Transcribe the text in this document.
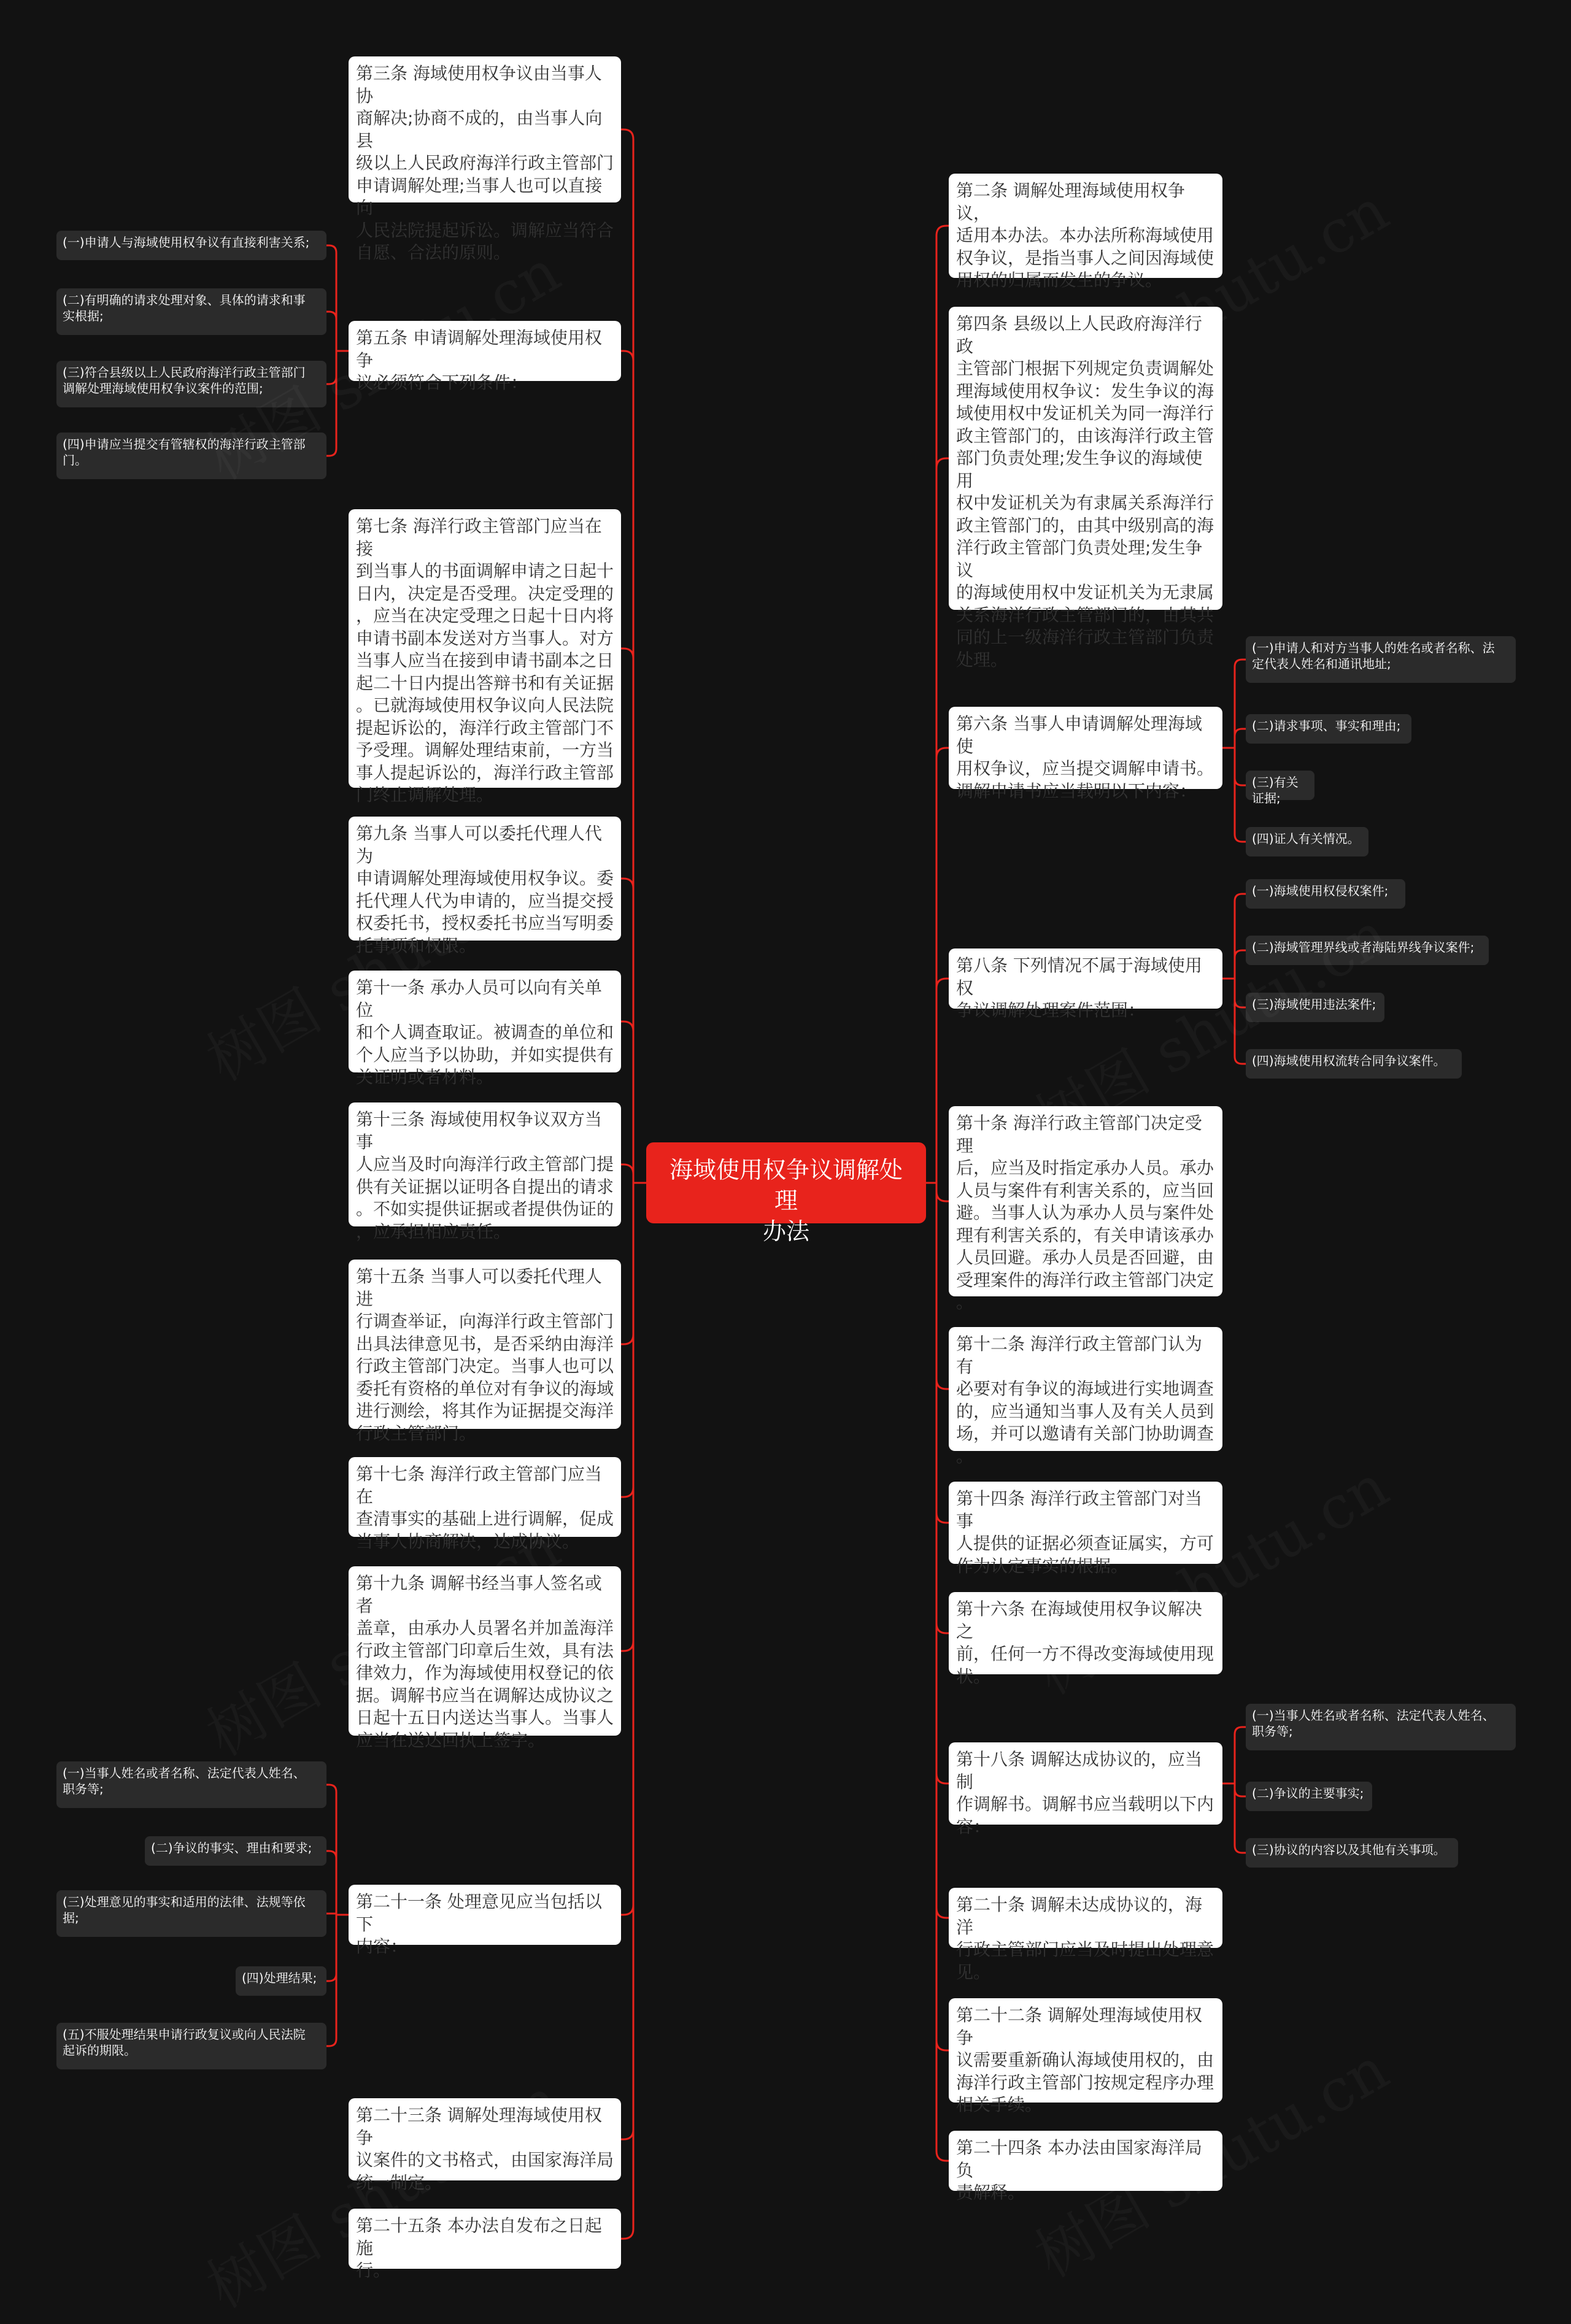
海域使用权争议调解处理
办法
第三条 海域使用权争议由当事人协
商解决;协商不成的，由当事人向县
级以上人民政府海洋行政主管部门
申请调解处理;当事人也可以直接向
人民法院提起诉讼。调解应当符合
自愿、合法的原则。
第五条 申请调解处理海域使用权争
议必须符合下列条件：
(一)申请人与海域使用权争议有直接利害关系;
(二)有明确的请求处理对象、具体的请求和事
实根据;
(三)符合县级以上人民政府海洋行政主管部门
调解处理海域使用权争议案件的范围;
(四)申请应当提交有管辖权的海洋行政主管部
门。
第七条 海洋行政主管部门应当在接
到当事人的书面调解申请之日起十
日内，决定是否受理。决定受理的
，应当在决定受理之日起十日内将
申请书副本发送对方当事人。对方
当事人应当在接到申请书副本之日
起二十日内提出答辩书和有关证据
。已就海域使用权争议向人民法院
提起诉讼的，海洋行政主管部门不
予受理。调解处理结束前，一方当
事人提起诉讼的，海洋行政主管部
门终止调解处理。
第九条 当事人可以委托代理人代为
申请调解处理海域使用权争议。委
托代理人代为申请的，应当提交授
权委托书，授权委托书应当写明委
托事项和权限。
第十一条 承办人员可以向有关单位
和个人调查取证。被调查的单位和
个人应当予以协助，并如实提供有
关证明或者材料。
第十三条 海域使用权争议双方当事
人应当及时向海洋行政主管部门提
供有关证据以证明各自提出的请求
。不如实提供证据或者提供伪证的
，应承担相应责任。
第十五条 当事人可以委托代理人进
行调查举证，向海洋行政主管部门
出具法律意见书，是否采纳由海洋
行政主管部门决定。当事人也可以
委托有资格的单位对有争议的海域
进行测绘，将其作为证据提交海洋
行政主管部门。
第十七条 海洋行政主管部门应当在
查清事实的基础上进行调解，促成
当事人协商解决，达成协议。
第十九条 调解书经当事人签名或者
盖章，由承办人员署名并加盖海洋
行政主管部门印章后生效，具有法
律效力，作为海域使用权登记的依
据。调解书应当在调解达成协议之
日起十五日内送达当事人。当事人
应当在送达回执上签字。
第二十一条 处理意见应当包括以下
内容：
(一)当事人姓名或者名称、法定代表人姓名、
职务等;
(二)争议的事实、理由和要求;
(三)处理意见的事实和适用的法律、法规等依
据;
(四)处理结果;
(五)不服处理结果申请行政复议或向人民法院
起诉的期限。
第二十三条 调解处理海域使用权争
议案件的文书格式，由国家海洋局
统一制定。
第二十五条 本办法自发布之日起施
行。
第二条 调解处理海域使用权争议，
适用本办法。本办法所称海域使用
权争议，是指当事人之间因海域使
用权的归属而发生的争议。
第四条 县级以上人民政府海洋行政
主管部门根据下列规定负责调解处
理海域使用权争议：发生争议的海
域使用权中发证机关为同一海洋行
政主管部门的，由该海洋行政主管
部门负责处理;发生争议的海域使用
权中发证机关为有隶属关系海洋行
政主管部门的，由其中级别高的海
洋行政主管部门负责处理;发生争议
的海域使用权中发证机关为无隶属
关系海洋行政主管部门的，由其共
同的上一级海洋行政主管部门负责
处理。
第六条 当事人申请调解处理海域使
用权争议，应当提交调解申请书。
调解申请书应当载明以下内容：
(一)申请人和对方当事人的姓名或者名称、法
定代表人姓名和通讯地址;
(二)请求事项、事实和理由;
(三)有关证据;
(四)证人有关情况。
第八条 下列情况不属于海域使用权
争议调解处理案件范围：
(一)海域使用权侵权案件;
(二)海域管理界线或者海陆界线争议案件;
(三)海域使用违法案件;
(四)海域使用权流转合同争议案件。
第十条 海洋行政主管部门决定受理
后，应当及时指定承办人员。承办
人员与案件有利害关系的，应当回
避。当事人认为承办人员与案件处
理有利害关系的，有关申请该承办
人员回避。承办人员是否回避，由
受理案件的海洋行政主管部门决定
。
第十二条 海洋行政主管部门认为有
必要对有争议的海域进行实地调查
的，应当通知当事人及有关人员到
场，并可以邀请有关部门协助调查
。
第十四条 海洋行政主管部门对当事
人提供的证据必须查证属实，方可
作为认定事实的根据。
第十六条 在海域使用权争议解决之
前，任何一方不得改变海域使用现
状。
第十八条 调解达成协议的，应当制
作调解书。调解书应当载明以下内
容：
(一)当事人姓名或者名称、法定代表人姓名、
职务等;
(二)争议的主要事实;
(三)协议的内容以及其他有关事项。
第二十条 调解未达成协议的，海洋
行政主管部门应当及时提出处理意
见。
第二十二条 调解处理海域使用权争
议需要重新确认海域使用权的，由
海洋行政主管部门按规定程序办理
相关手续。
第二十四条 本办法由国家海洋局负
责解释。
